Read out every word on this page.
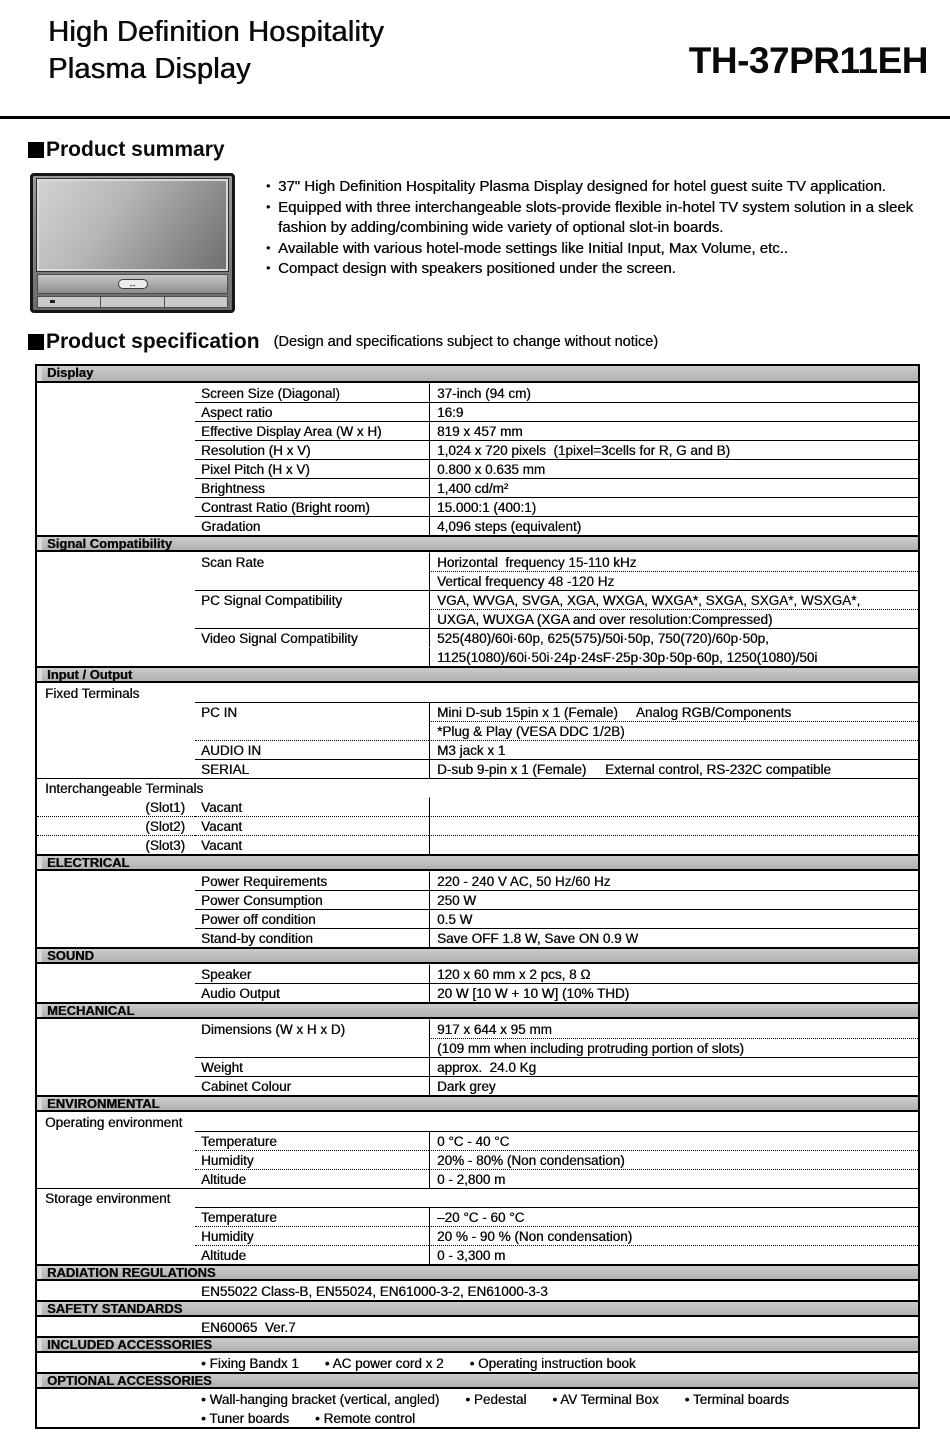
High Definition Hospitality
Plasma Display	TH-37PR11EH
Product summary
↔
• 37" High Definition Hospitality Plasma Display designed for hotel guest suite TV application.
• Equipped with three interchangeable slots-provide flexible in-hotel TV system solution in a sleek fashion by adding/combining wide variety of optional slot-in boards.
• Available with various hotel-mode settings like Initial Input, Max Volume, etc..
• Compact design with speakers positioned under the screen.
Product specification (Design and specifications subject to change without notice)
Display
Screen Size (Diagonal)	37-inch (94 cm)
Aspect ratio	16:9
Effective Display Area (W x H)	819 x 457 mm
Resolution (H x V)	1,024 x 720 pixels  (1pixel=3cells for R, G and B)
Pixel Pitch (H x V)	0.800 x 0.635 mm
Brightness	1,400 cd/m²
Contrast Ratio (Bright room)	15.000:1 (400:1)
Gradation	4,096 steps (equivalent)
Signal Compatibility
Scan Rate	Horizontal  frequency 15-110 kHz
Vertical frequency 48 -120 Hz
PC Signal Compatibility	VGA, WVGA, SVGA, XGA, WXGA, WXGA*, SXGA, SXGA*, WSXGA*,
UXGA, WUXGA (XGA and over resolution:Compressed)
Video Signal Compatibility	525(480)/60i·60p, 625(575)/50i·50p, 750(720)/60p·50p,
1125(1080)/60i·50i·24p·24sF·25p·30p·50p·60p, 1250(1080)/50i
Input / Output
Fixed Terminals
PC IN	Mini D-sub 15pin x 1 (Female)     Analog RGB/Components
*Plug & Play (VESA DDC 1/2B)
AUDIO IN	M3 jack x 1
SERIAL	D-sub 9-pin x 1 (Female)     External control, RS-232C compatible
Interchangeable Terminals
(Slot1)	Vacant
(Slot2)	Vacant
(Slot3)	Vacant
ELECTRICAL
Power Requirements	220 - 240 V AC, 50 Hz/60 Hz
Power Consumption	250 W
Power off condition	0.5 W
Stand-by condition	Save OFF 1.8 W, Save ON 0.9 W
SOUND
Speaker	120 x 60 mm x 2 pcs, 8 Ω
Audio Output	20 W [10 W + 10 W] (10% THD)
MECHANICAL
Dimensions (W x H x D)	917 x 644 x 95 mm
(109 mm when including protruding portion of slots)
Weight	approx.  24.0 Kg
Cabinet Colour	Dark grey
ENVIRONMENTAL
Operating environment
Temperature	0 °C - 40 °C
Humidity	20% - 80% (Non condensation)
Altitude	0 - 2,800 m
Storage environment
Temperature	–20 °C - 60 °C
Humidity	20 % - 90 % (Non condensation)
Altitude	0 - 3,300 m
RADIATION REGULATIONS
EN55022 Class-B, EN55024, EN61000-3-2, EN61000-3-3
SAFETY STANDARDS
EN60065  Ver.7
INCLUDED ACCESSORIES
• Fixing Bandx 1 • AC power cord x 2 • Operating instruction book
OPTIONAL ACCESSORIES
• Wall-hanging bracket (vertical, angled) • Pedestal • AV Terminal Box • Terminal boards
• Tuner boards • Remote control
